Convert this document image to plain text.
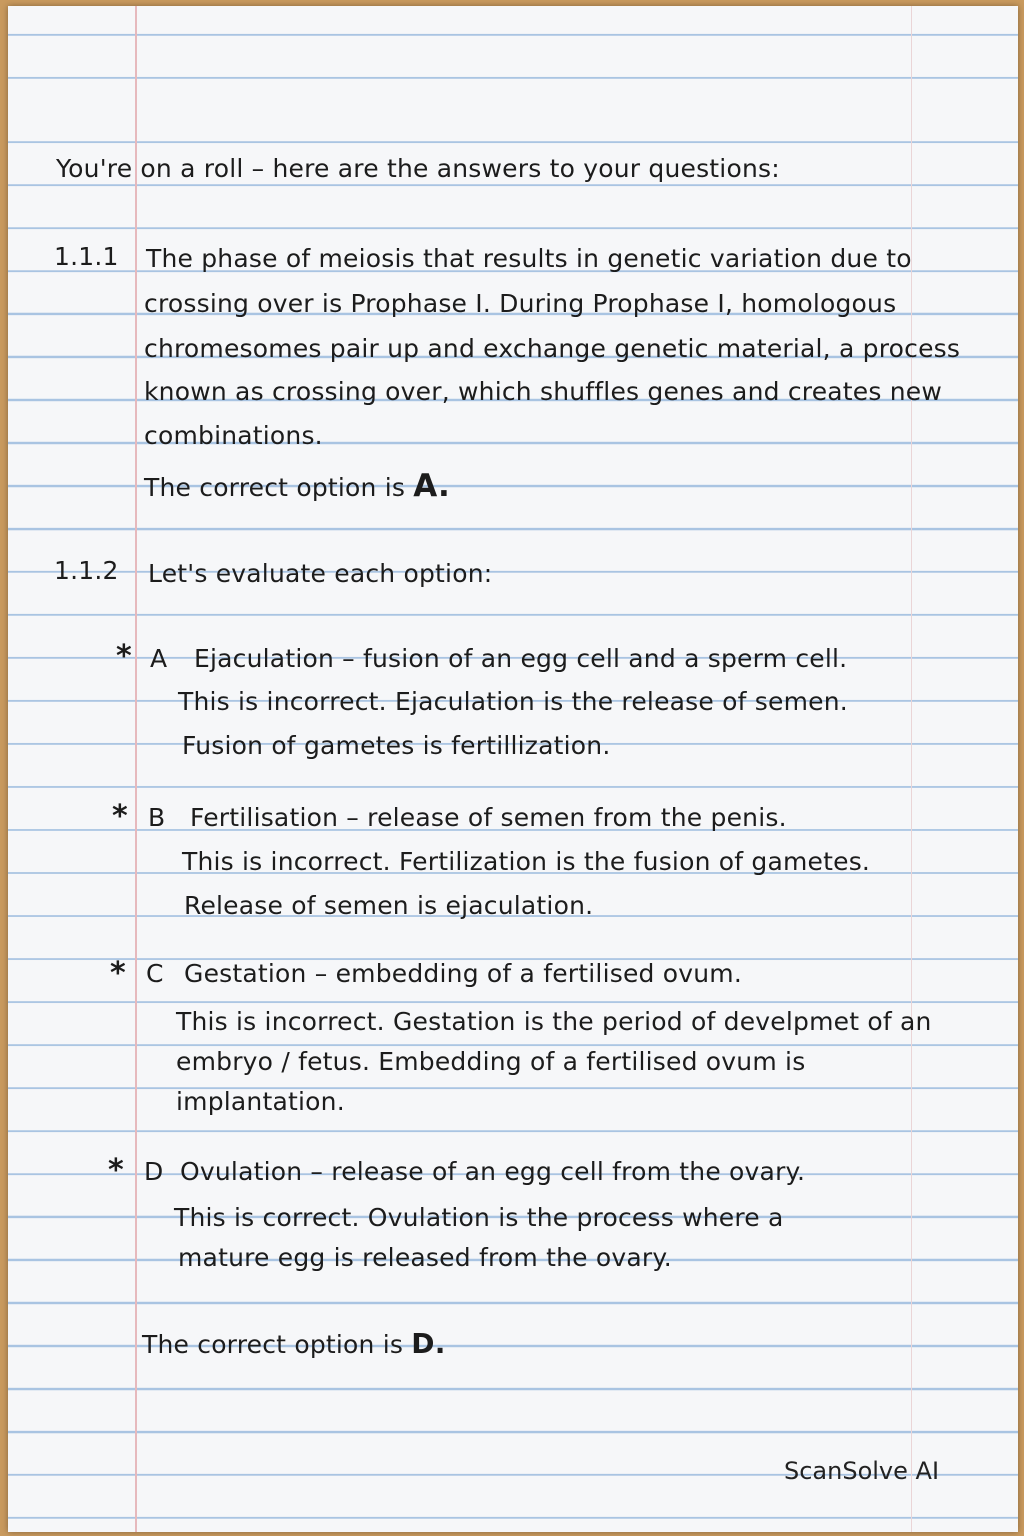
You're on a roll – here are the answers to your questions:
1.1.1 The phase of meiosis that results in genetic variation due to
crossing over is Prophase I. During Prophase I, homologous
chromesomes pair up and exchange genetic material, a process
known as crossing over, which shuffles genes and creates new
combinations.
The correct option is A.
1.1.2 Let's evaluate each option:
* A Ejaculation – fusion of an egg cell and a sperm cell.
This is incorrect. Ejaculation is the release of semen.
Fusion of gametes is fertillization.
* B Fertilisation – release of semen from the penis.
This is incorrect. Fertilization is the fusion of gametes.
Release of semen is ejaculation.
* C Gestation – embedding of a fertilised ovum.
This is incorrect. Gestation is the period of develpmet of an
embryo / fetus. Embedding of a fertilised ovum is
implantation.
* D Ovulation – release of an egg cell from the ovary.
This is correct. Ovulation is the process where a
mature egg is released from the ovary.
The correct option is D.
ScanSolve AI
